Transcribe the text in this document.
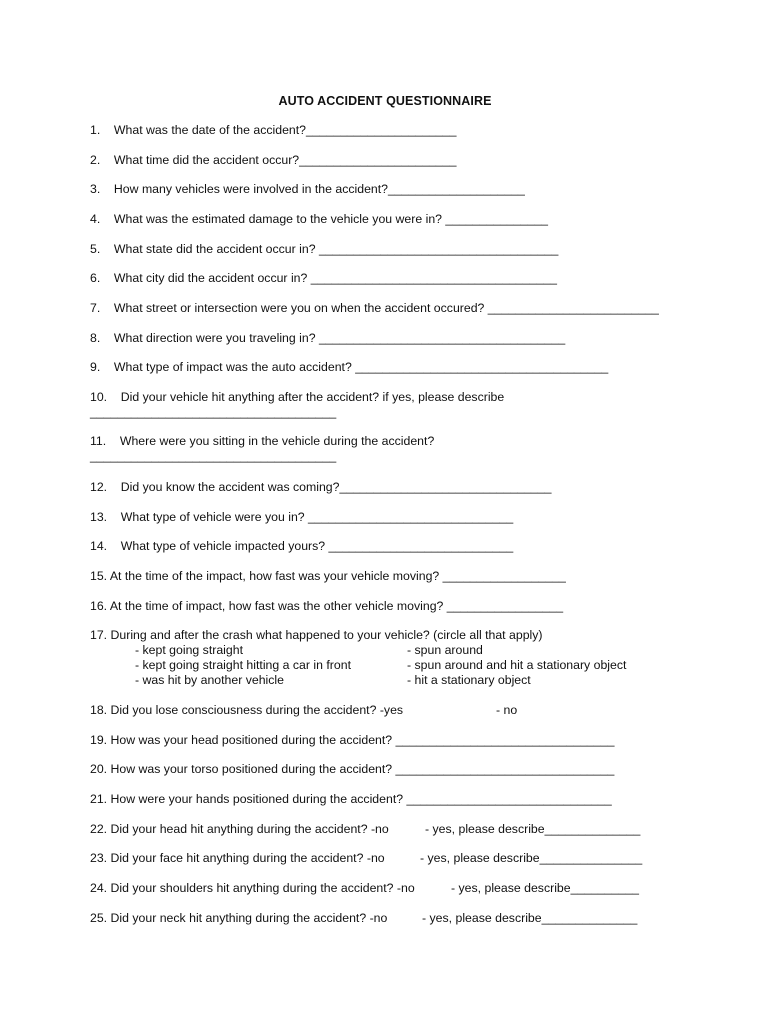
AUTO ACCIDENT QUESTIONNAIRE
1.    What was the date of the accident?______________________
2.    What time did the accident occur?_______________________
3.    How many vehicles were involved in the accident?____________________
4.    What was the estimated damage to the vehicle you were in? _______________
5.    What state did the accident occur in? ___________________________________
6.    What city did the accident occur in? ____________________________________
7.    What street or intersection were you on when the accident occured? _________________________
8.    What direction were you traveling in? ____________________________________
9.    What type of impact was the auto accident? _____________________________________
10.    Did your vehicle hit anything after the accident? if yes, please describe
____________________________________
11.    Where were you sitting in the vehicle during the accident?
____________________________________
12.    Did you know the accident was coming?_______________________________
13.    What type of vehicle were you in? ______________________________
14.    What type of vehicle impacted yours? ___________________________
15. At the time of the impact, how fast was your vehicle moving? __________________
16. At the time of impact, how fast was the other vehicle moving? _________________
17. During and after the crash what happened to your vehicle? (circle all that apply)
- kept going straight
- kept going straight hitting a car in front
- was hit by another vehicle
- spun around
- spun around and hit a stationary object
- hit a stationary object
18. Did you lose consciousness during the accident? -yes	- no
19. How was your head positioned during the accident? ________________________________
20. How was your torso positioned during the accident? ________________________________
21. How were your hands positioned during the accident? ______________________________
22. Did your head hit anything during the accident? -no	- yes, please describe______________
23. Did your face hit anything during the accident? -no	- yes, please describe_______________
24. Did your shoulders hit anything during the accident? -no	- yes, please describe__________
25. Did your neck hit anything during the accident? -no	- yes, please describe______________
